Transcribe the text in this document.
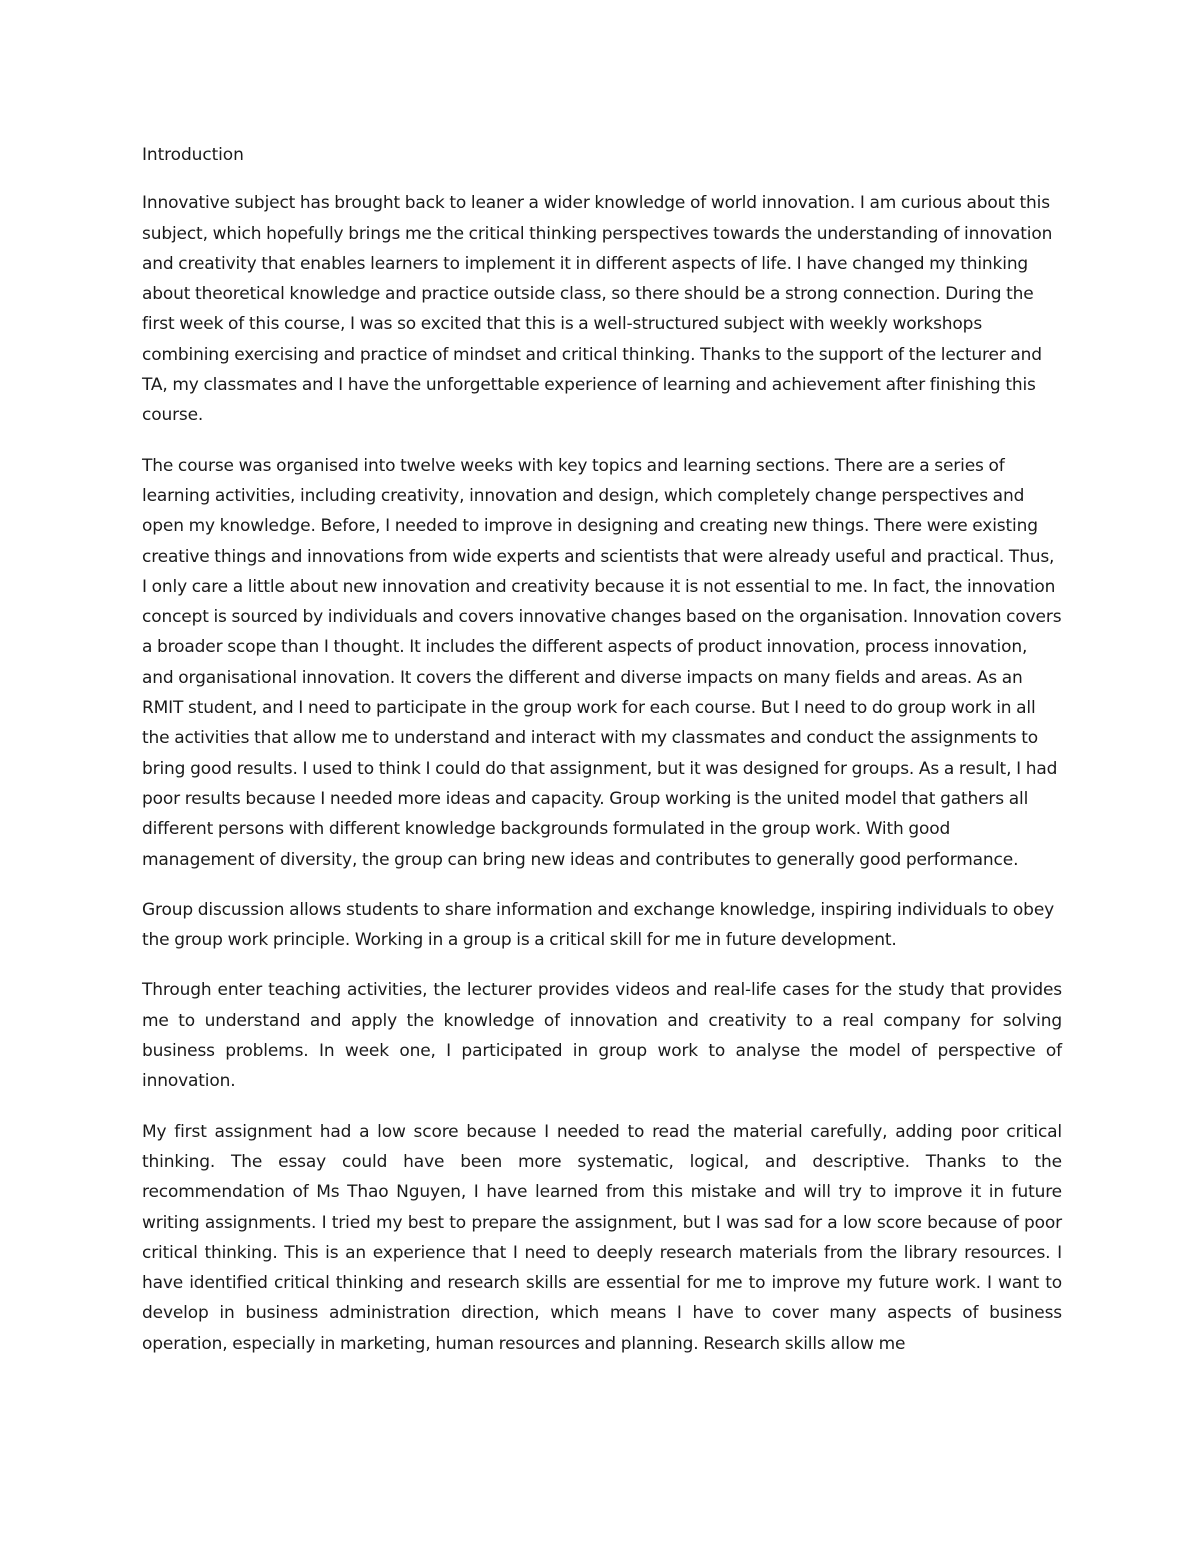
Introduction

Innovative subject has brought back to leaner a wider knowledge of world innovation. I am curious about this subject, which hopefully brings me the critical thinking perspectives towards the understanding of innovation and creativity that enables learners to implement it in different aspects of life. I have changed my thinking about theoretical knowledge and practice outside class, so there should be a strong connection. During the first week of this course, I was so excited that this is a well-structured subject with weekly workshops combining exercising and practice of mindset and critical thinking. Thanks to the support of the lecturer and TA, my classmates and I have the unforgettable experience of learning and achievement after finishing this course.

The course was organised into twelve weeks with key topics and learning sections. There are a series of learning activities, including creativity, innovation and design, which completely change perspectives and open my knowledge. Before, I needed to improve in designing and creating new things. There were existing creative things and innovations from wide experts and scientists that were already useful and practical. Thus, I only care a little about new innovation and creativity because it is not essential to me. In fact, the innovation concept is sourced by individuals and covers innovative changes based on the organisation. Innovation covers a broader scope than I thought. It includes the different aspects of product innovation, process innovation, and organisational innovation. It covers the different and diverse impacts on many fields and areas. As an RMIT student, and I need to participate in the group work for each course. But I need to do group work in all the activities that allow me to understand and interact with my classmates and conduct the assignments to bring good results. I used to think I could do that assignment, but it was designed for groups. As a result, I had poor results because I needed more ideas and capacity. Group working is the united model that gathers all different persons with different knowledge backgrounds formulated in the group work. With good management of diversity, the group can bring new ideas and contributes to generally good performance.

Group discussion allows students to share information and exchange knowledge, inspiring individuals to obey the group work principle. Working in a group is a critical skill for me in future development.

Through enter teaching activities, the lecturer provides videos and real-life cases for the study that provides me to understand and apply the knowledge of innovation and creativity to a real company for solving business problems. In week one, I participated in group work to analyse the model of perspective of innovation.

My first assignment had a low score because I needed to read the material carefully, adding poor critical thinking. The essay could have been more systematic, logical, and descriptive. Thanks to the recommendation of Ms Thao Nguyen, I have learned from this mistake and will try to improve it in future writing assignments. I tried my best to prepare the assignment, but I was sad for a low score because of poor critical thinking. This is an experience that I need to deeply research materials from the library resources. I have identified critical thinking and research skills are essential for me to improve my future work. I want to develop in business administration direction, which means I have to cover many aspects of business operation, especially in marketing, human resources and planning. Research skills allow me
